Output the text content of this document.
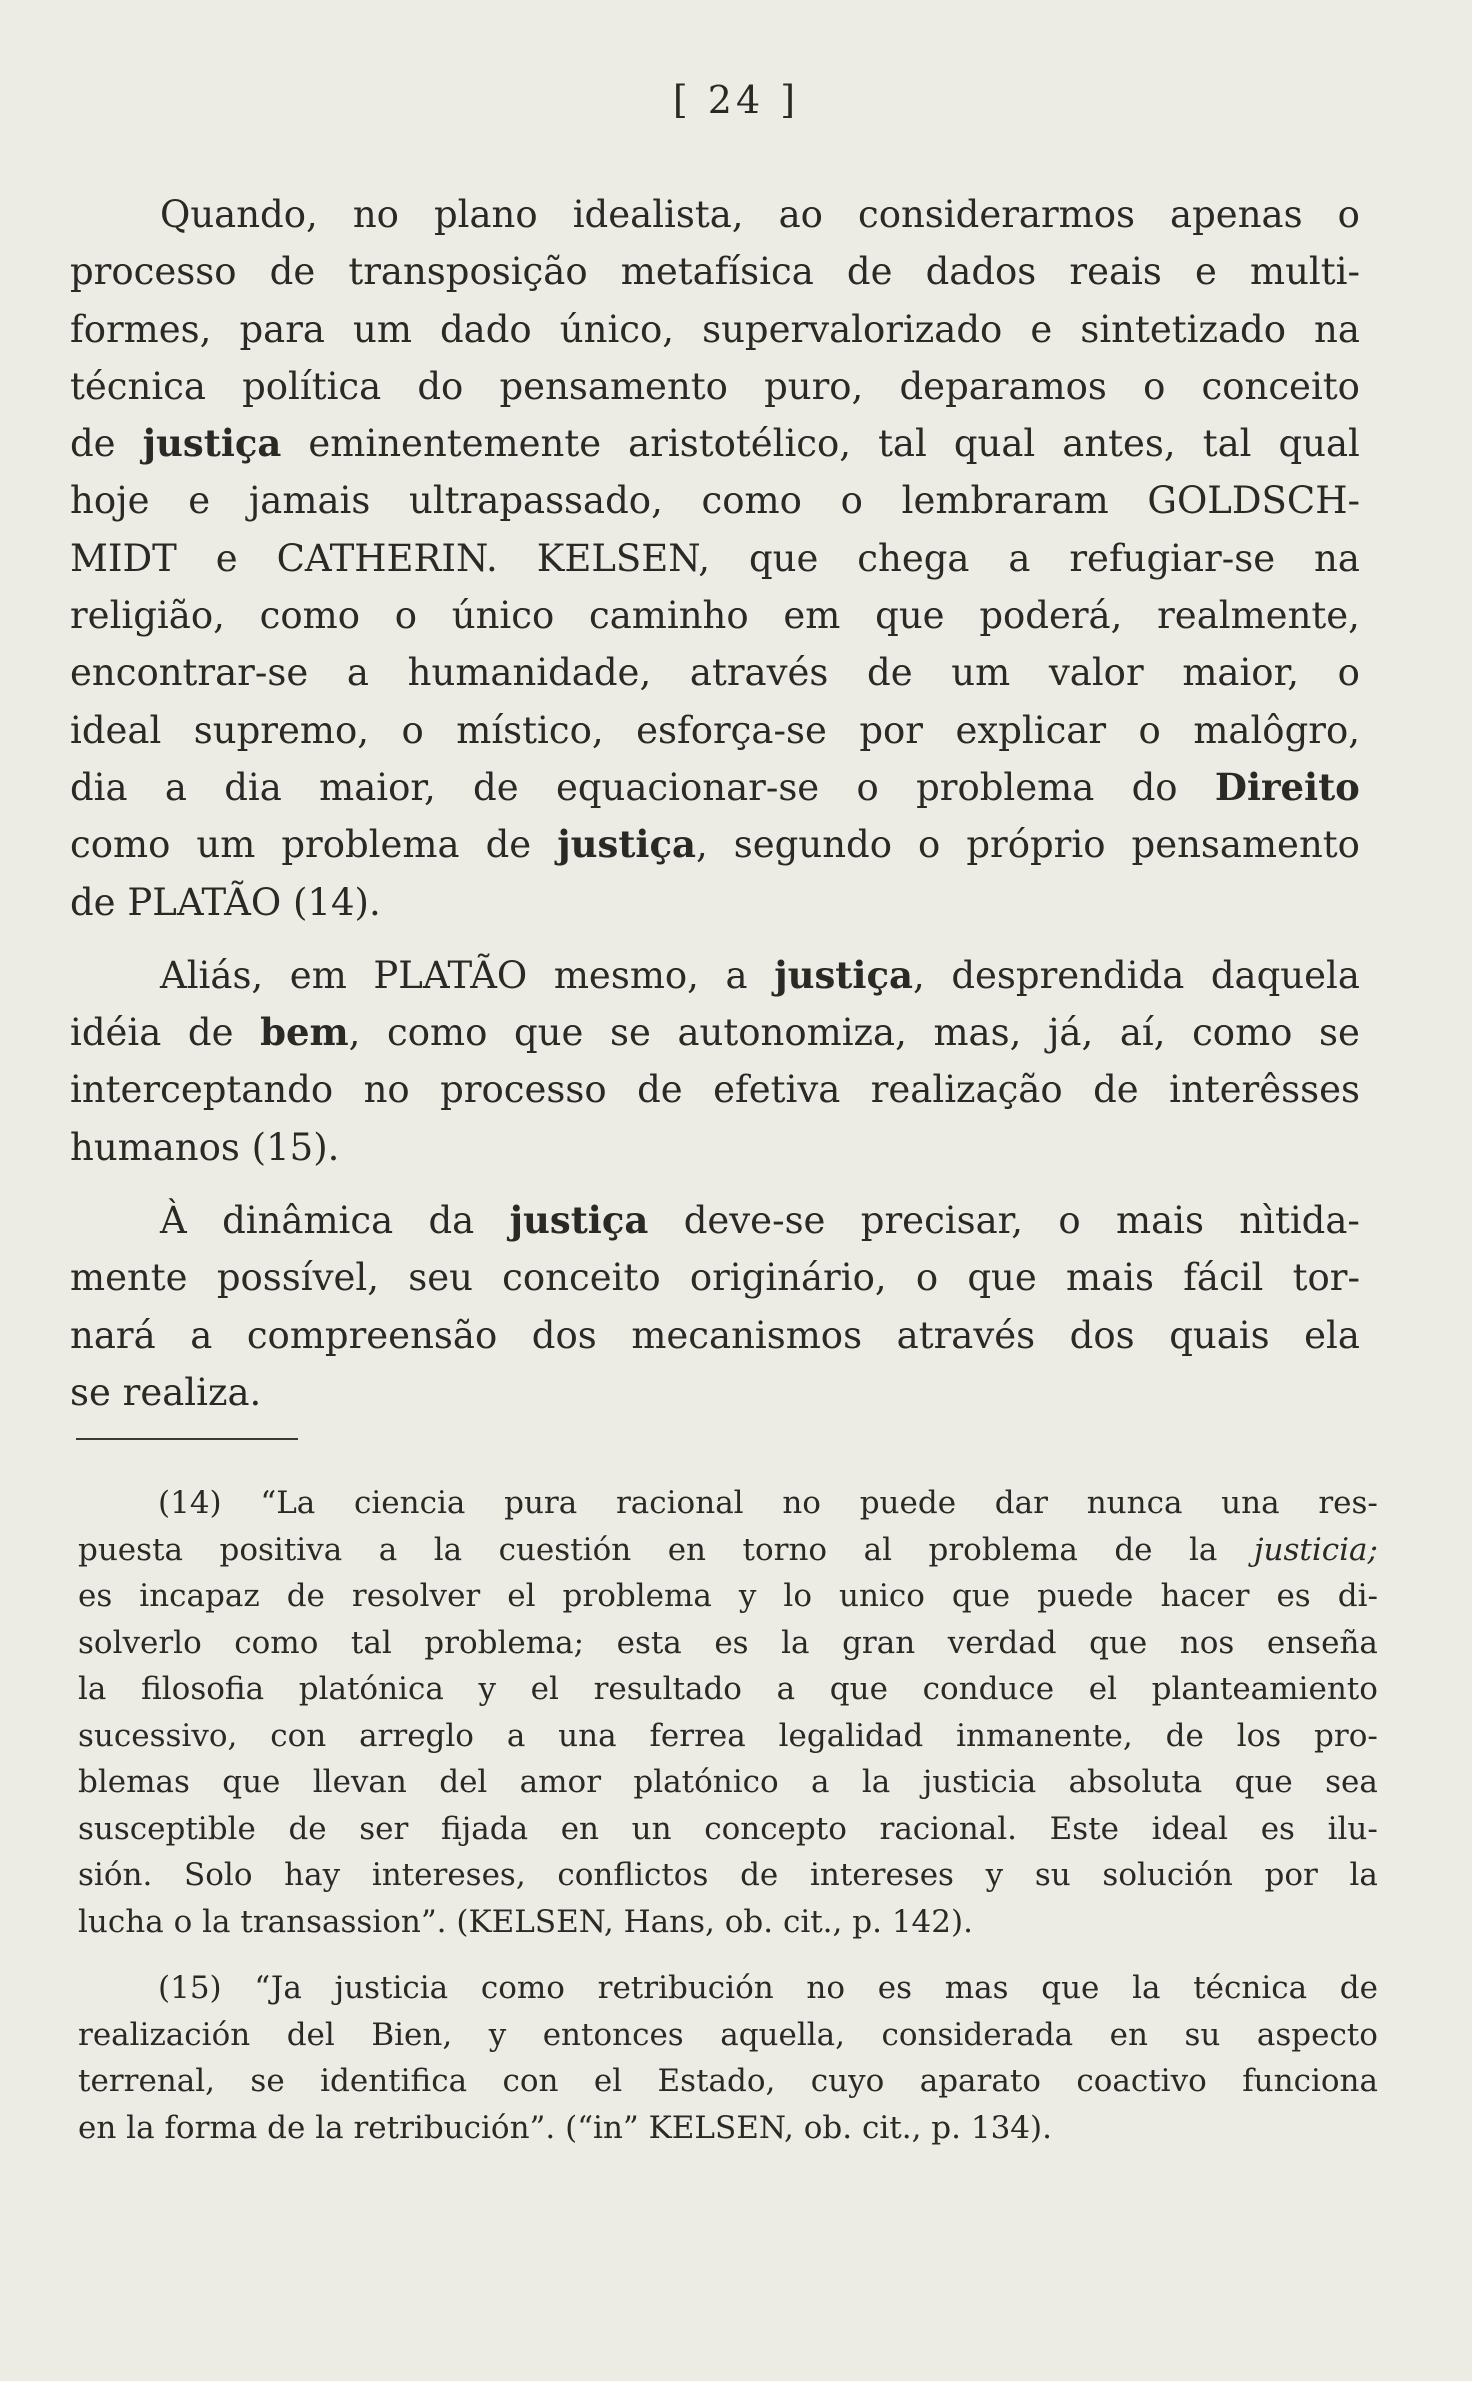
[ 24 ]
Quando, no plano idealista, ao considerarmos apenas o
processo de transposição metafísica de dados reais e multi-
formes, para um dado único, supervalorizado e sintetizado na
técnica política do pensamento puro, deparamos o conceito
de justiça eminentemente aristotélico, tal qual antes, tal qual
hoje e jamais ultrapassado, como o lembraram GOLDSCH-
MIDT e CATHERIN. KELSEN, que chega a refugiar-se na
religião, como o único caminho em que poderá, realmente,
encontrar-se a humanidade, através de um valor maior, o
ideal supremo, o místico, esforça-se por explicar o malôgro,
dia a dia maior, de equacionar-se o problema do Direito
como um problema de justiça, segundo o próprio pensamento
de PLATÃO (14).
Aliás, em PLATÃO mesmo, a justiça, desprendida daquela
idéia de bem, como que se autonomiza, mas, já, aí, como se
interceptando no processo de efetiva realização de interêsses
humanos (15).
À dinâmica da justiça deve-se precisar, o mais nìtida-
mente possível, seu conceito originário, o que mais fácil tor-
nará a compreensão dos mecanismos através dos quais ela
se realiza.
(14) “La ciencia pura racional no puede dar nunca una res-
puesta positiva a la cuestión en torno al problema de la justicia;
es incapaz de resolver el problema y lo unico que puede hacer es di-
solverlo como tal problema; esta es la gran verdad que nos enseña
la filosofia platónica y el resultado a que conduce el planteamiento
sucessivo, con arreglo a una ferrea legalidad inmanente, de los pro-
blemas que llevan del amor platónico a la justicia absoluta que sea
susceptible de ser fijada en un concepto racional. Este ideal es ilu-
sión. Solo hay intereses, conflictos de intereses y su solución por la
lucha o la transassion”. (KELSEN, Hans, ob. cit., p. 142).
(15) “Ja justicia como retribución no es mas que la técnica de
realización del Bien, y entonces aquella, considerada en su aspecto
terrenal, se identifica con el Estado, cuyo aparato coactivo funciona
en la forma de la retribución”. (“in” KELSEN, ob. cit., p. 134).
